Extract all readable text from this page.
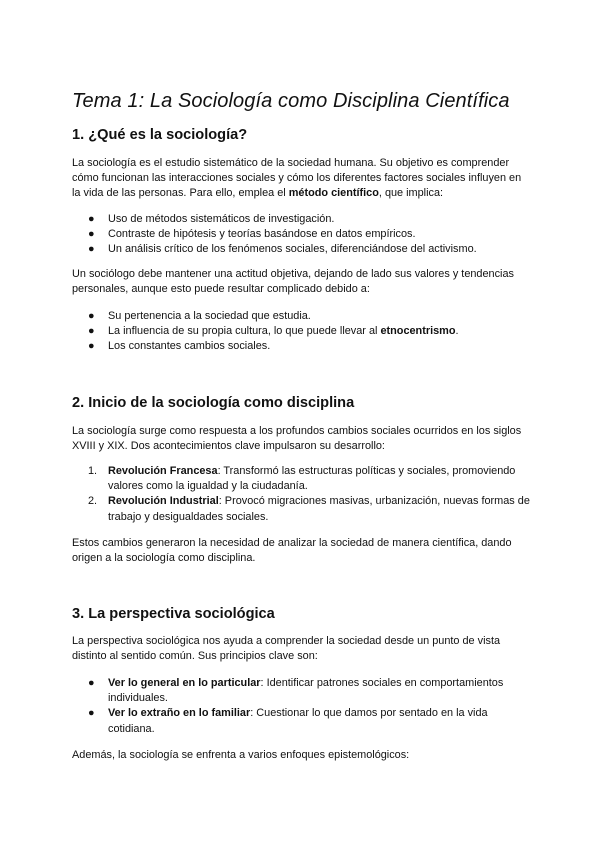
Tema 1: La Sociología como Disciplina Científica
1. ¿Qué es la sociología?

La sociología es el estudio sistemático de la sociedad humana. Su objetivo es comprender cómo funcionan las interacciones sociales y cómo los diferentes factores sociales influyen en la vida de las personas. Para ello, emplea el método científico, que implica:

● Uso de métodos sistemáticos de investigación.
● Contraste de hipótesis y teorías basándose en datos empíricos.
● Un análisis crítico de los fenómenos sociales, diferenciándose del activismo.

Un sociólogo debe mantener una actitud objetiva, dejando de lado sus valores y tendencias personales, aunque esto puede resultar complicado debido a:

● Su pertenencia a la sociedad que estudia.
● La influencia de su propia cultura, lo que puede llevar al etnocentrismo.
● Los constantes cambios sociales.
2. Inicio de la sociología como disciplina

La sociología surge como respuesta a los profundos cambios sociales ocurridos en los siglos XVIII y XIX. Dos acontecimientos clave impulsaron su desarrollo:

1. Revolución Francesa: Transformó las estructuras políticas y sociales, promoviendo valores como la igualdad y la ciudadanía.
2. Revolución Industrial: Provocó migraciones masivas, urbanización, nuevas formas de trabajo y desigualdades sociales.

Estos cambios generaron la necesidad de analizar la sociedad de manera científica, dando origen a la sociología como disciplina.

3. La perspectiva sociológica

La perspectiva sociológica nos ayuda a comprender la sociedad desde un punto de vista distinto al sentido común. Sus principios clave son:

● Ver lo general en lo particular: Identificar patrones sociales en comportamientos individuales.
● Ver lo extraño en lo familiar: Cuestionar lo que damos por sentado en la vida cotidiana.

Además, la sociología se enfrenta a varios enfoques epistemológicos:
